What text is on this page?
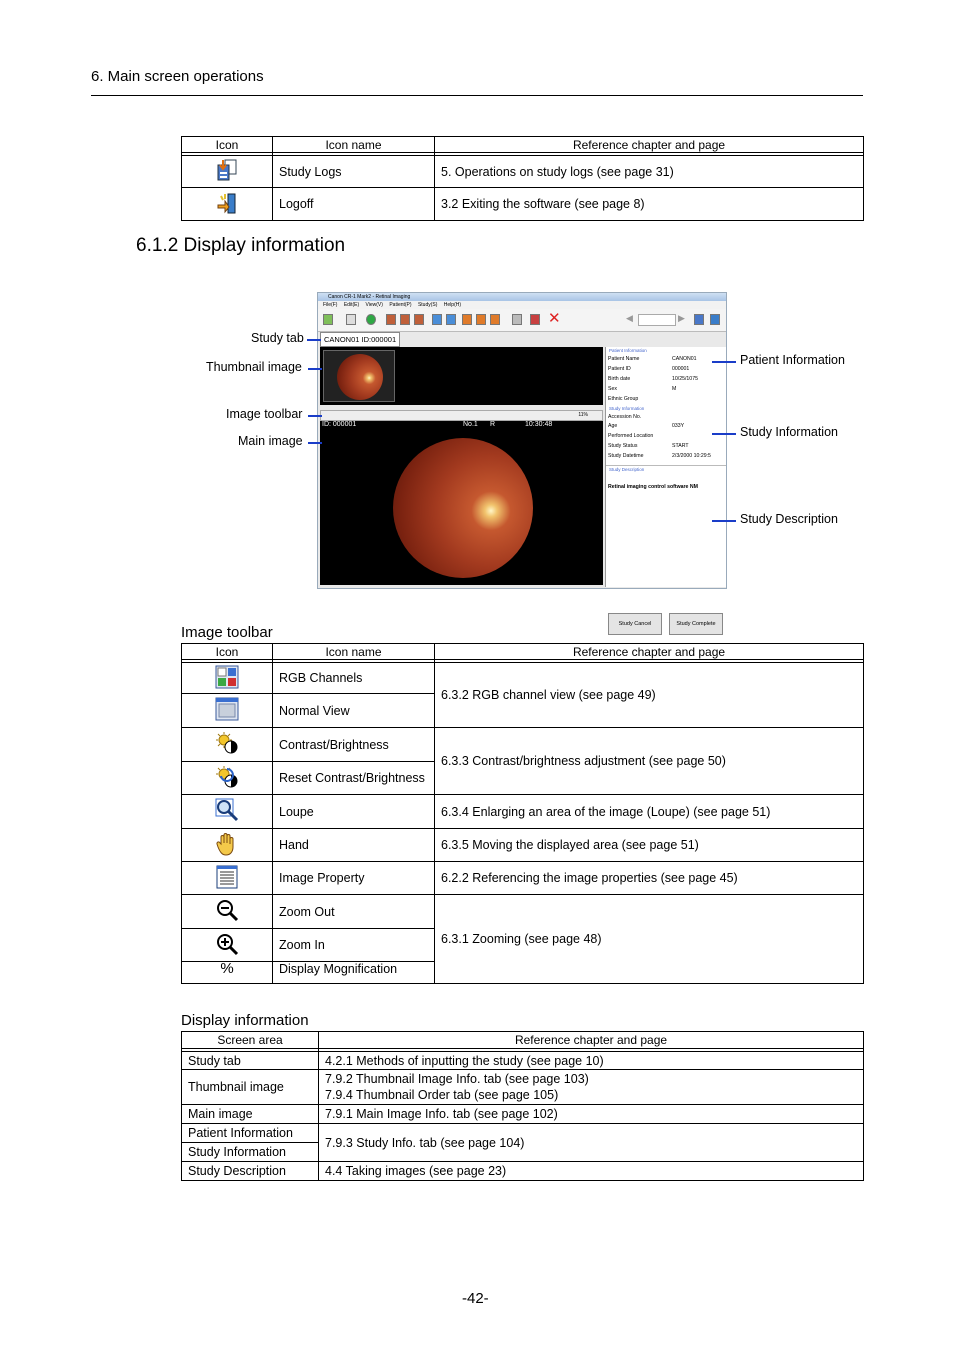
6. Main screen operations
Icon	Icon name	Reference chapter and page

	Study Logs	5. Operations on study logs (see page 31)
	Logoff	3.2 Exiting the software (see page 8)
6.1.2 Display information
Canon CR-1 Mark2 - Retinal Imaging
File(F) Edit(E) View(V) Patient(P) Study(S) Help(H)
✕	◀	▶
CANON01 ID:000001
11%
ID: 000001	No.1 R	10:30:48
Patient Information
Patient Name	CANON01
Patient ID	000001
Birth date	10/25/1075
Sex	M
Ethnic Group
Study Information
Accession No.
Age	033Y
Performed Location
Study Status	START
Study Datetime	2/3/2000 10:29:5
Study Description
Retinal imaging control software NM
Study Cancel	Study Complete
Study tab
Thumbnail image
Image toolbar
Main image
Patient Information
Study Information
Study Description
Image toolbar
Icon	Icon name	Reference chapter and page

	RGB Channels	6.3.2 RGB channel view (see page 49)
	Normal View	
	Contrast/Brightness	6.3.3 Contrast/brightness adjustment (see page 50)
	Reset Contrast/Brightness	
	Loupe	6.3.4 Enlarging an area of the image (Loupe) (see page 51)
	Hand	6.3.5 Moving the displayed area (see page 51)
	Image Property	6.2.2 Referencing the image properties (see page 45)
	Zoom Out	6.3.1 Zooming (see page 48)
	Zoom In	
%	Display Mognification	
Display information
Screen area	Reference chapter and page

Study tab	4.2.1 Methods of inputting the study (see page 10)
Thumbnail image	7.9.2 Thumbnail Image Info. tab (see page 103)
7.9.4 Thumbnail Order tab (see page 105)

Main image	7.9.1 Main Image Info. tab (see page 102)
Patient Information	7.9.3 Study Info. tab (see page 104)
Study Information	
Study Description	4.4 Taking images (see page 23)
-42-
